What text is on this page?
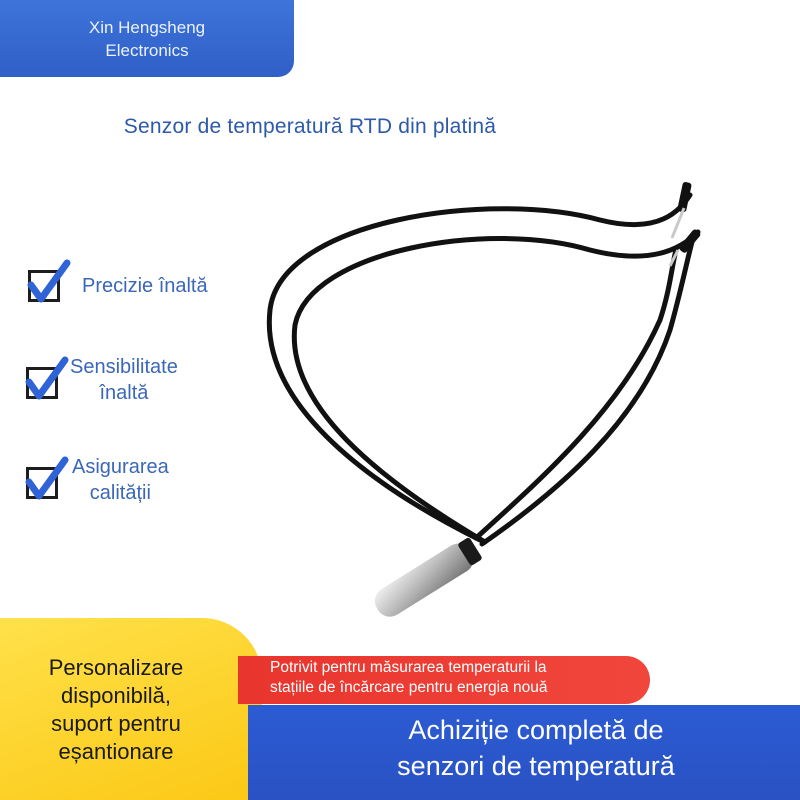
Xin Hengsheng
Electronics
Senzor de temperatură RTD din platină
Precizie înaltă
Sensibilitate
înaltă
Asigurarea
calității
Personalizare
disponibilă,
suport pentru
eșantionare
Potrivit pentru măsurarea temperaturii la
stațiile de încărcare pentru energia nouă
Achiziție completă de
senzori de temperatură
